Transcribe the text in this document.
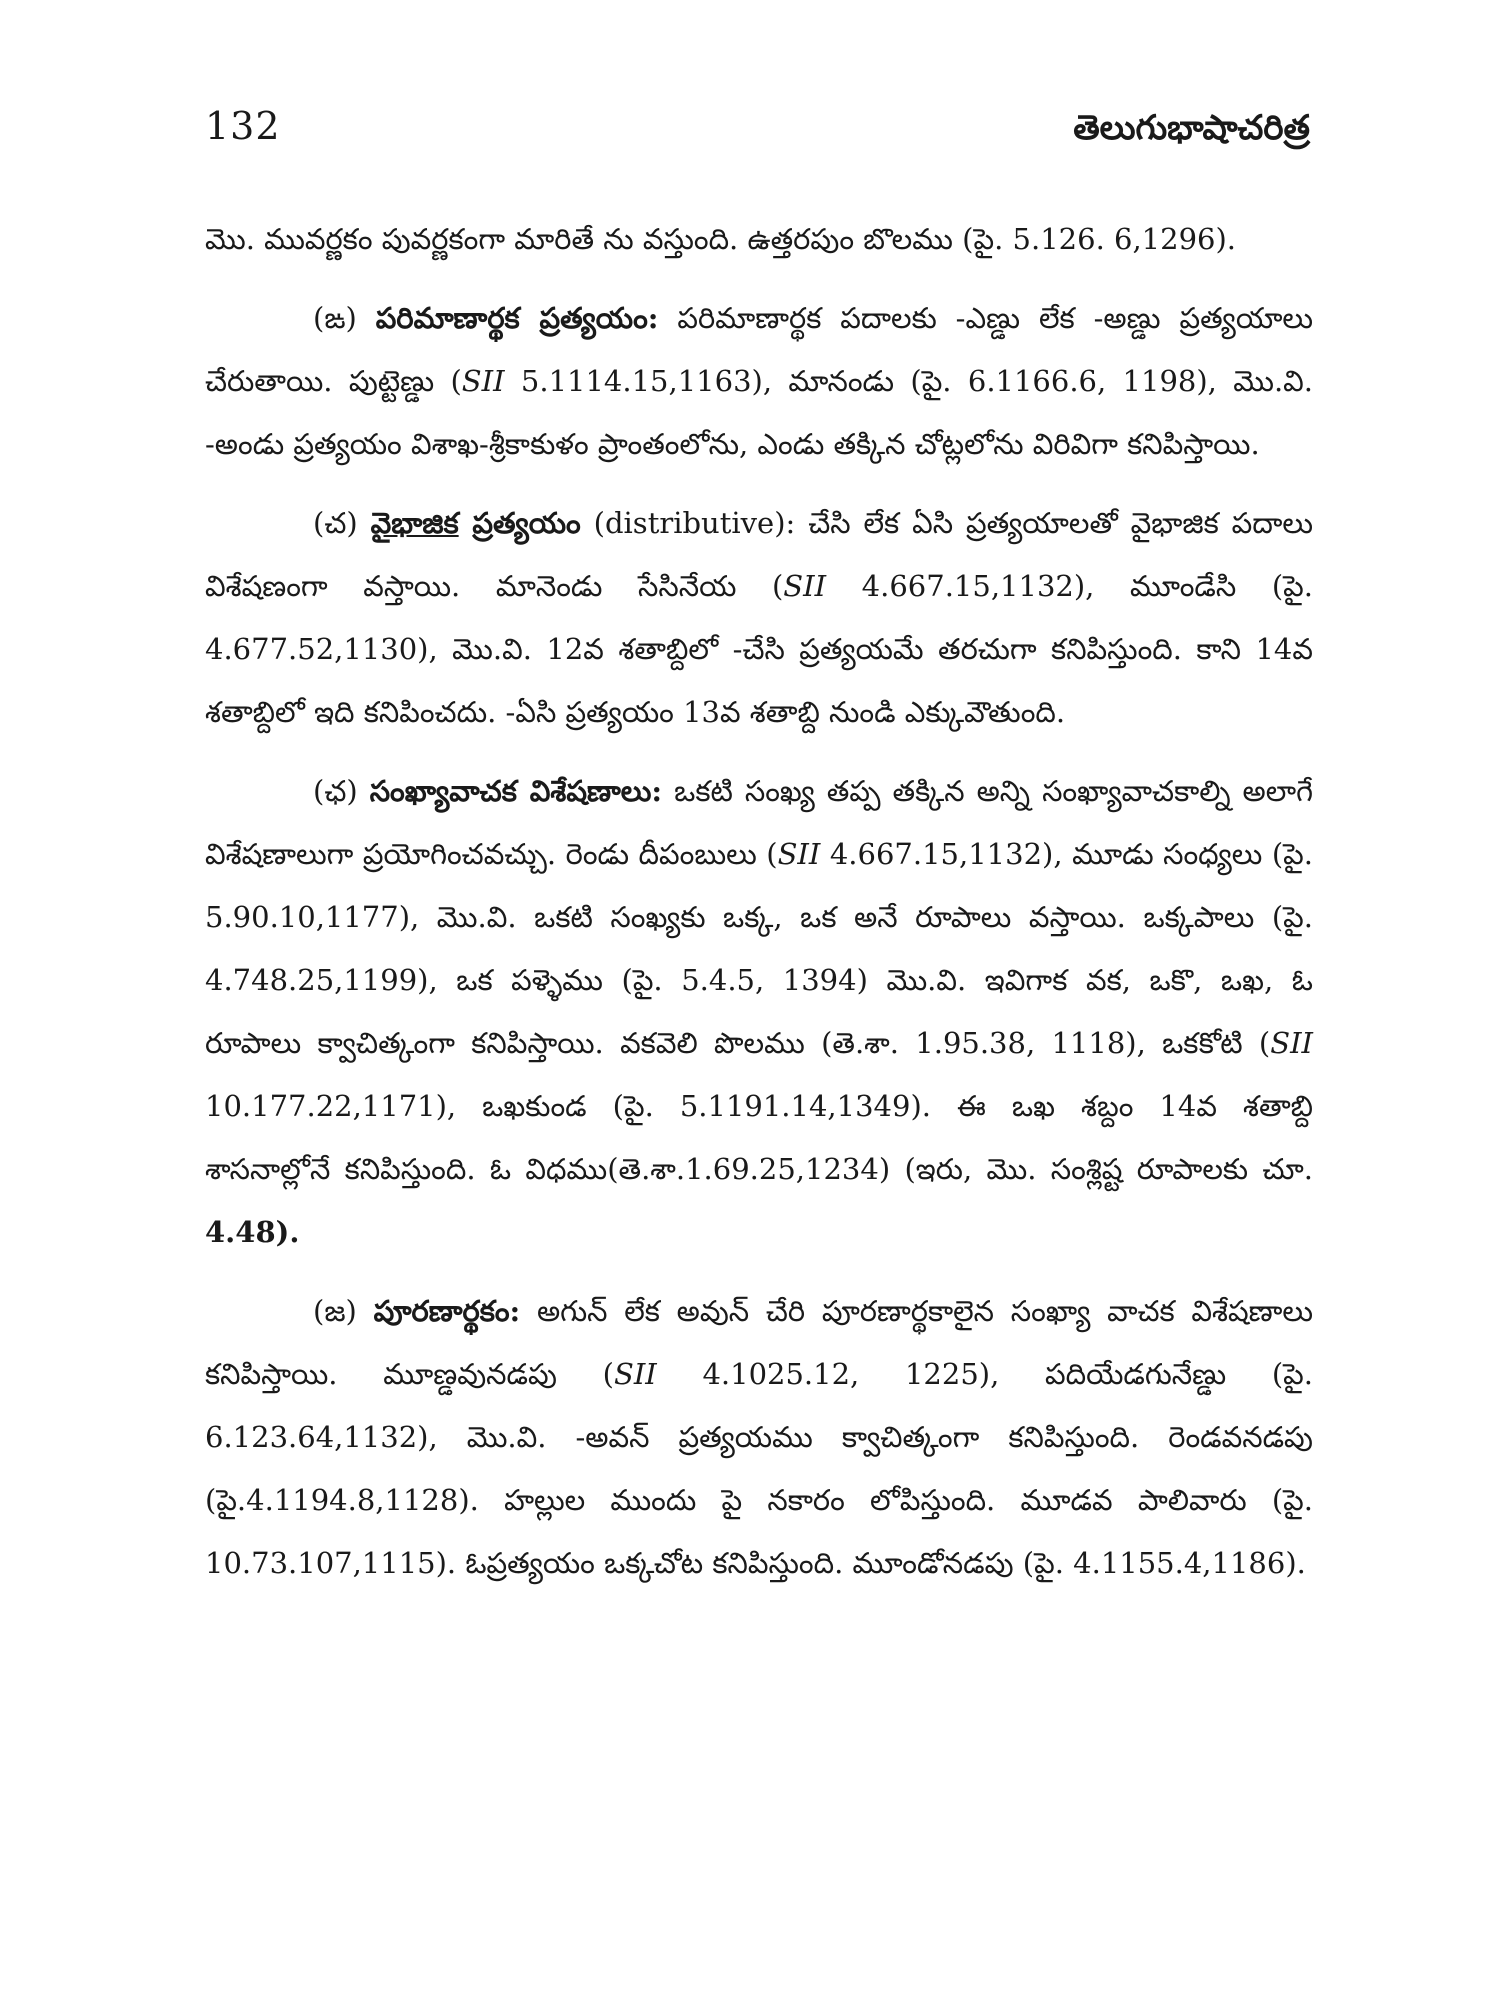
132	తెలుగుభాషాచరిత్ర

మొ. మువర్ణకం పువర్ణకంగా మారితే ను వస్తుంది. ఉత్తరపుం బొలము (పై. 5.126. 6,1296).

(ఙ) పరిమాణార్థక ప్రత్యయం: పరిమాణార్థక పదాలకు -ఎణ్డు లేక -అణ్డు ప్రత్యయాలు చేరుతాయి. పుట్టెణ్డు (SII 5.1114.15,1163), మానండు (పై. 6.1166.6, 1198), మొ.వి. -అండు ప్రత్యయం విశాఖ-శ్రీకాకుళం ప్రాంతంలోను, ఎండు తక్కిన చోట్లలోను విరివిగా కనిపిస్తాయి.

(చ) వైభాజిక ప్రత్యయం (distributive): చేసి లేక ఏసి ప్రత్యయాలతో వైభాజిక పదాలు విశేషణంగా వస్తాయి. మానెండు సేసినేయ (SII 4.667.15,1132), మూండేసి (పై. 4.677.52,1130), మొ.వి. 12వ శతాబ్దిలో -చేసి ప్రత్యయమే తరచుగా కనిపిస్తుంది. కాని 14వ శతాబ్దిలో ఇది కనిపించదు. -ఏసి ప్రత్యయం 13వ శతాబ్ది నుండి ఎక్కువౌతుంది.

(ఛ) సంఖ్యావాచక విశేషణాలు: ఒకటి సంఖ్య తప్ప తక్కిన అన్ని సంఖ్యావాచకాల్ని అలాగే విశేషణాలుగా ప్రయోగించవచ్చు. రెండు దీపంబులు (SII 4.667.15,1132), మూడు సంధ్యలు (పై. 5.90.10,1177), మొ.వి. ఒకటి సంఖ్యకు ఒక్క, ఒక అనే రూపాలు వస్తాయి. ఒక్కపాలు (పై. 4.748.25,1199), ఒక పళ్ళెము (పై. 5.4.5, 1394) మొ.వి. ఇవిగాక వక, ఒకొ, ఒఖ, ఓ రూపాలు క్వాచిత్కంగా కనిపిస్తాయి. వకవెలి పొలము (తె.శా. 1.95.38, 1118), ఒకకోటి (SII 10.177.22,1171), ఒఖకుండ (పై. 5.1191.14,1349). ఈ ఒఖ శబ్దం 14వ శతాబ్ది శాసనాల్లోనే కనిపిస్తుంది. ఓ విధము(తె.శా.1.69.25,1234) (ఇరు, మొ. సంశ్లిష్ట రూపాలకు చూ. 4.48).

(జ) పూరణార్థకం: అగున్ లేక అవున్ చేరి పూరణార్థకాలైన సంఖ్యా వాచక విశేషణాలు కనిపిస్తాయి. మూణ్డవునడపు (SII 4.1025.12, 1225), పదియేడగునేణ్డు (పై. 6.123.64,1132), మొ.వి. -అవన్ ప్రత్యయము క్వాచిత్కంగా కనిపిస్తుంది. రెండవనడపు (పై.4.1194.8,1128). హల్లుల ముందు పై నకారం లోపిస్తుంది. మూడవ పాలివారు (పై. 10.73.107,1115). ఓప్రత్యయం ఒక్కచోట కనిపిస్తుంది. మూండోనడపు (పై. 4.1155.4,1186).
